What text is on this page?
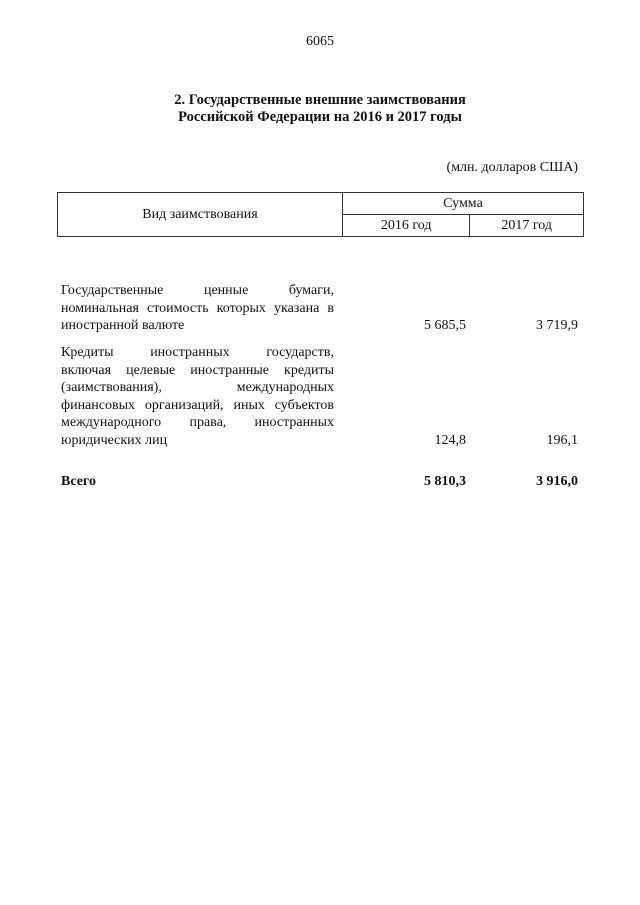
6065
2. Государственные внешние заимствования
Российской Федерации на 2016 и 2017 годы
(млн. долларов США)
Вид заимствования	Сумма	
	2016 год	2017 год
Государственные ценные бумаги,
номинальная стоимость которых указана в
иностранной валюте	5 685,5	3 719,9
Кредиты иностранных государств,
включая целевые иностранные кредиты
(заимствования), международных
финансовых организаций, иных субъектов
международного права, иностранных
юридических лиц	124,8	196,1
Всего	5 810,3	3 916,0
